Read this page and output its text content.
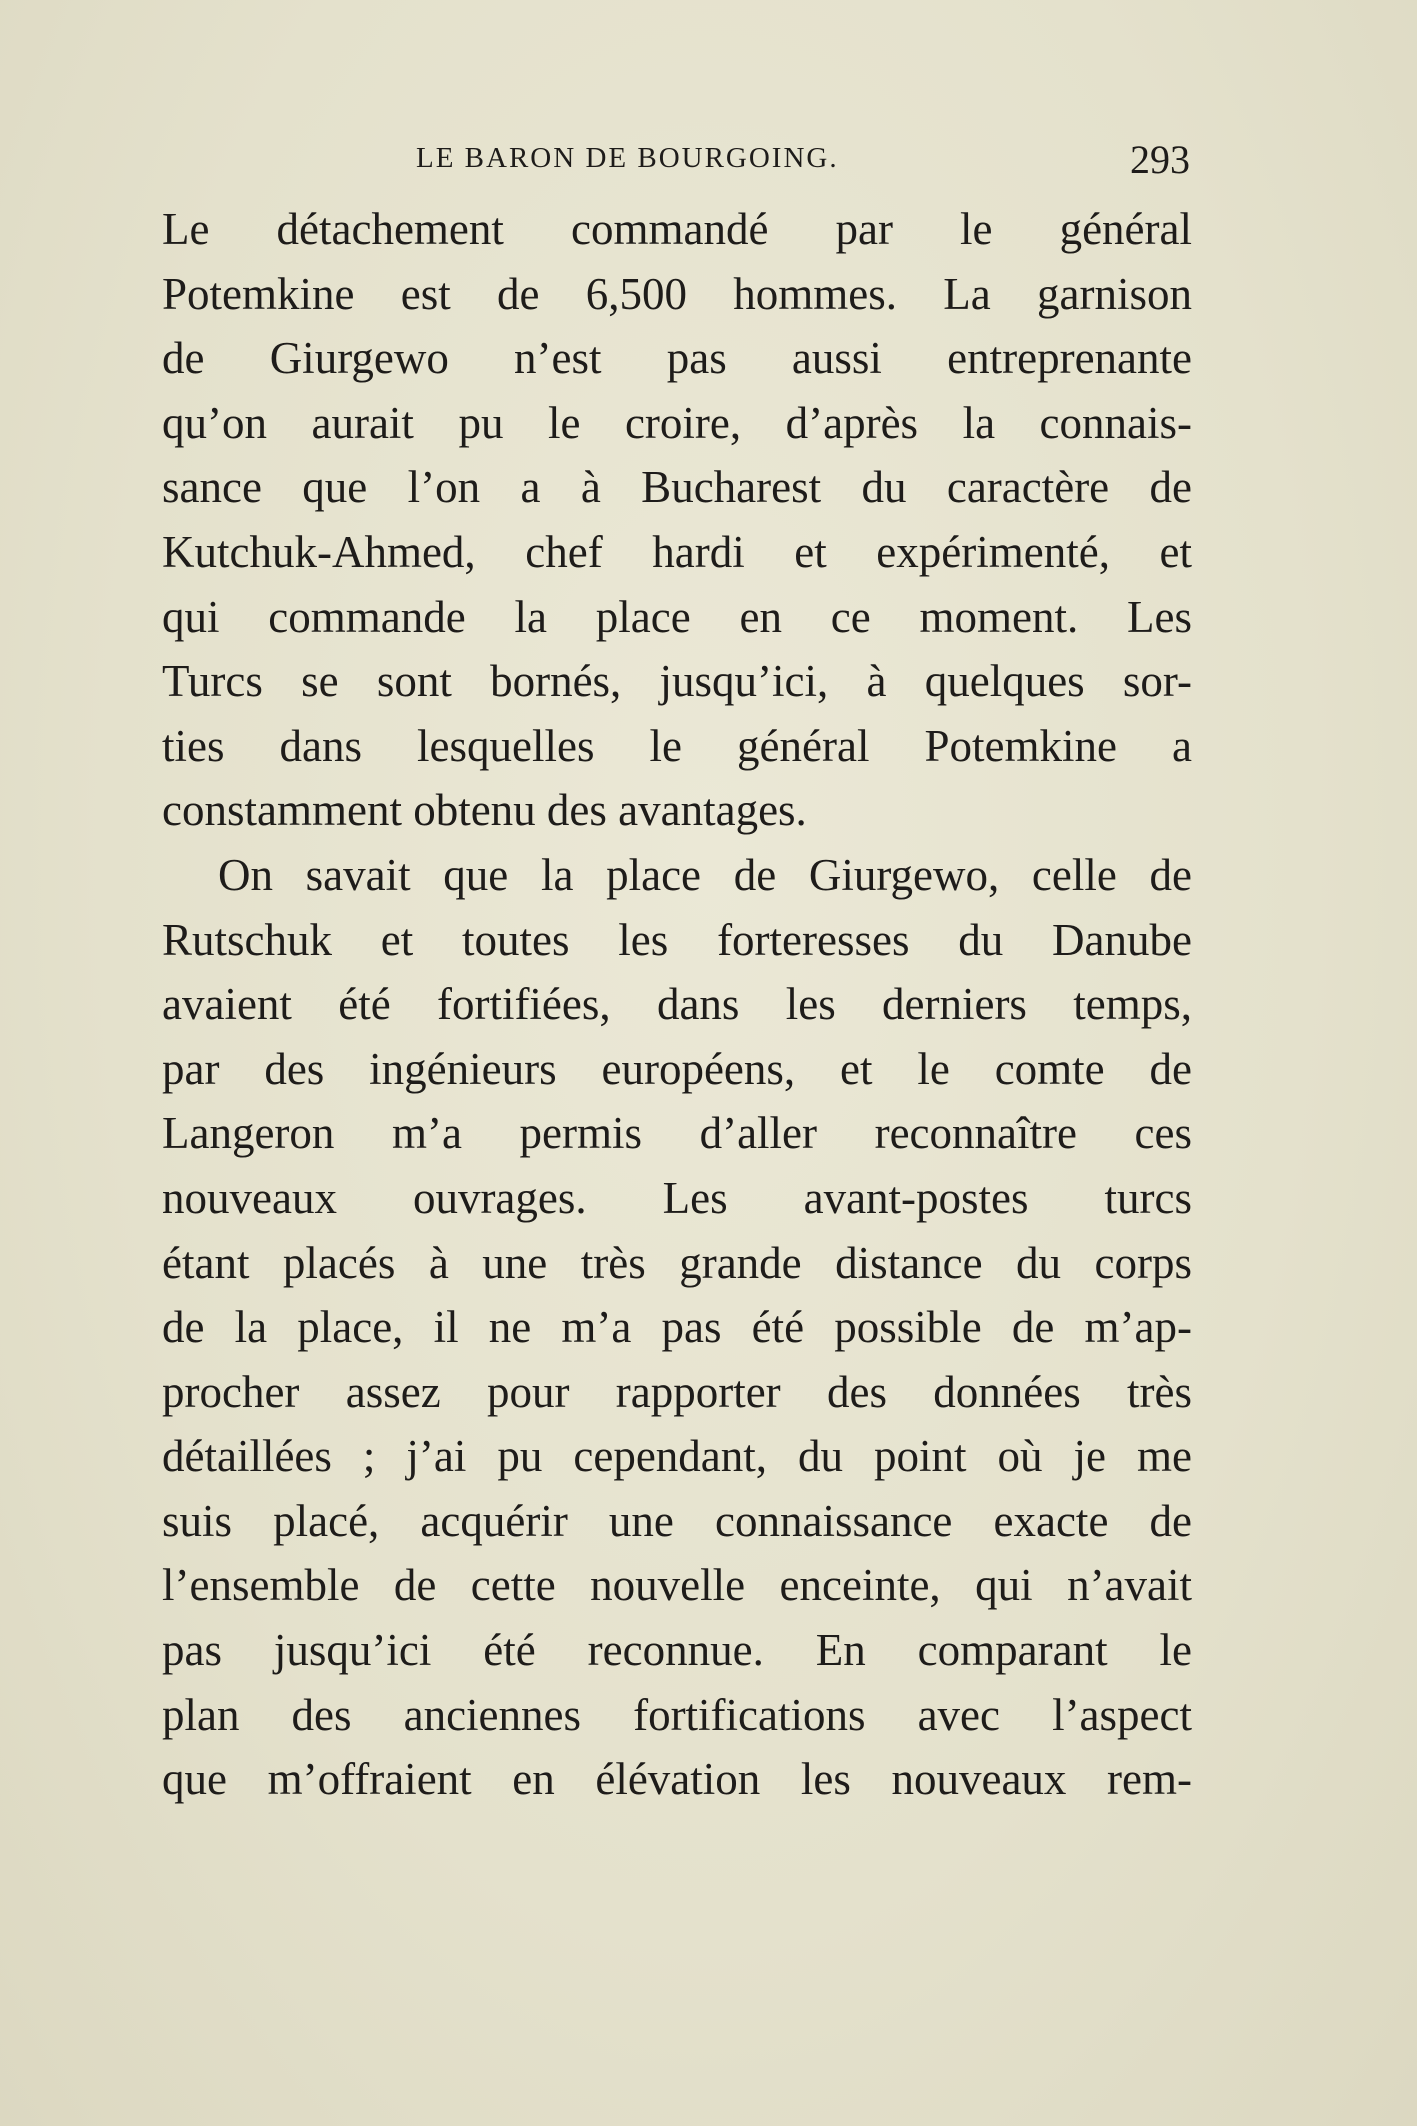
LE BARON DE BOURGOING.	293
Le détachement commandé par le général
Potemkine est de 6,500 hommes. La garnison
de Giurgewo n’est pas aussi entreprenante
qu’on aurait pu le croire, d’après la connais-
sance que l’on a à Bucharest du caractère de
Kutchuk-Ahmed, chef hardi et expérimenté, et
qui commande la place en ce moment. Les
Turcs se sont bornés, jusqu’ici, à quelques sor-
ties dans lesquelles le général Potemkine a
constamment obtenu des avantages.
On savait que la place de Giurgewo, celle de
Rutschuk et toutes les forteresses du Danube
avaient été fortifiées, dans les derniers temps,
par des ingénieurs européens, et le comte de
Langeron m’a permis d’aller reconnaître ces
nouveaux ouvrages. Les avant-postes turcs
étant placés à une très grande distance du corps
de la place, il ne m’a pas été possible de m’ap-
procher assez pour rapporter des données très
détaillées ; j’ai pu cependant, du point où je me
suis placé, acquérir une connaissance exacte de
l’ensemble de cette nouvelle enceinte, qui n’avait
pas jusqu’ici été reconnue. En comparant le
plan des anciennes fortifications avec l’aspect
que m’offraient en élévation les nouveaux rem-
